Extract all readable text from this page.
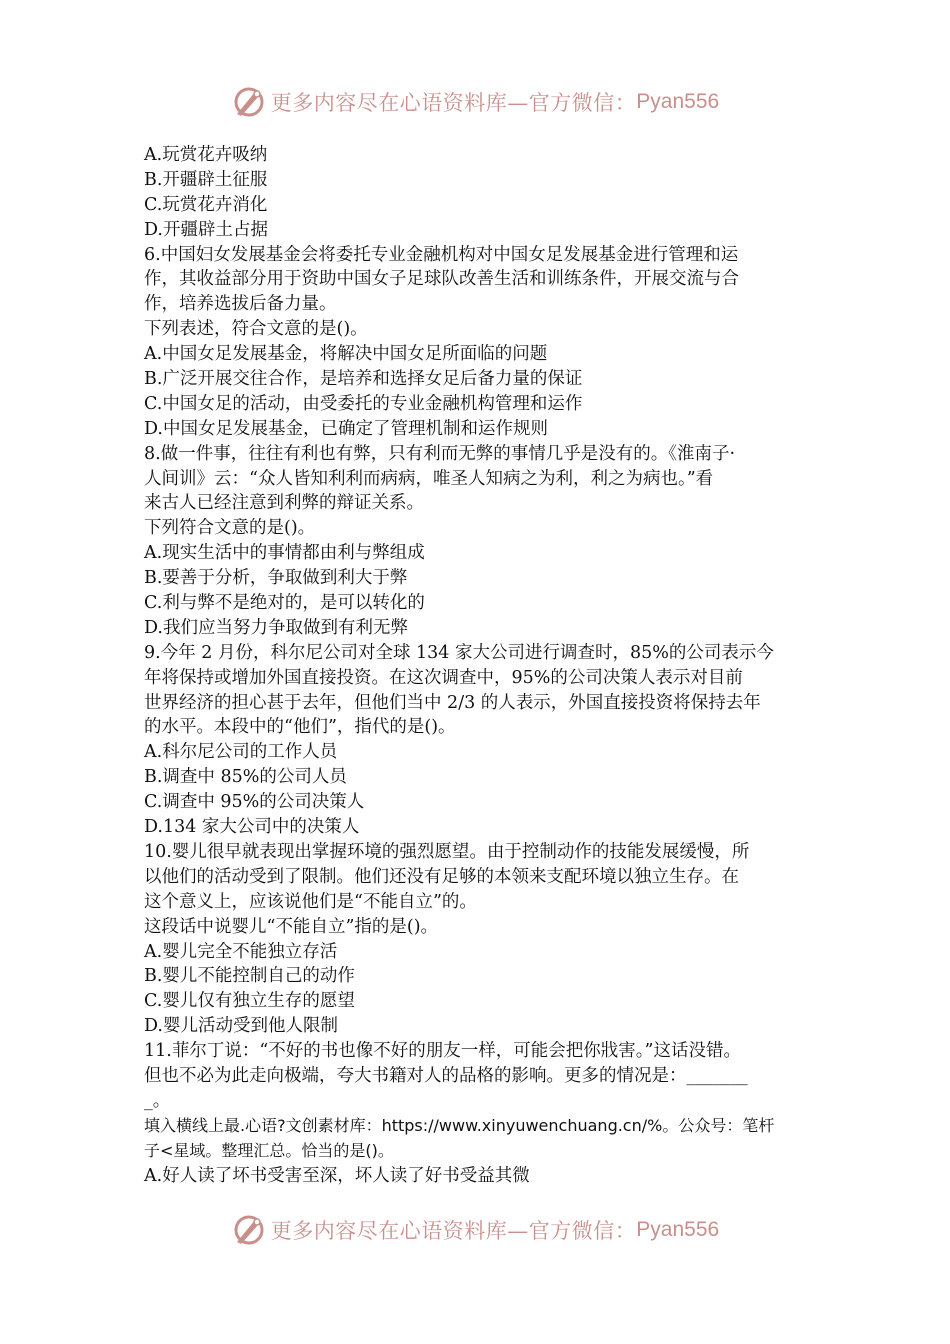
更多内容尽在心语资料库—官方微信： Pyan556
A.玩赏花卉吸纳
B.开疆辟土征服
C.玩赏花卉消化
D.开疆辟土占据
6.中国妇女发展基金会将委托专业金融机构对中国女足发展基金进行管理和运
作，其收益部分用于资助中国女子足球队改善生活和训练条件，开展交流与合
作，培养选拔后备力量。
下列表述，符合文意的是()。
A.中国女足发展基金，将解决中国女足所面临的问题
B.广泛开展交往合作，是培养和选择女足后备力量的保证
C.中国女足的活动，由受委托的专业金融机构管理和运作
D.中国女足发展基金，已确定了管理机制和运作规则
8.做一件事，往往有利也有弊，只有利而无弊的事情几乎是没有的。《淮南子·
人间训》云：“众人皆知利利而病病，唯圣人知病之为利，利之为病也。”看
来古人已经注意到利弊的辩证关系。
下列符合文意的是()。
A.现实生活中的事情都由利与弊组成
B.要善于分析，争取做到利大于弊
C.利与弊不是绝对的，是可以转化的
D.我们应当努力争取做到有利无弊
9.今年 2 月份，科尔尼公司对全球 134 家大公司进行调查时，85%的公司表示今
年将保持或增加外国直接投资。在这次调查中，95%的公司决策人表示对目前
世界经济的担心甚于去年，但他们当中 2/3 的人表示，外国直接投资将保持去年
的水平。本段中的“他们”，指代的是()。
A.科尔尼公司的工作人员
B.调查中 85%的公司人员
C.调查中 95%的公司决策人
D.134 家大公司中的决策人
10.婴儿很早就表现出掌握环境的强烈愿望。由于控制动作的技能发展缓慢，所
以他们的活动受到了限制。他们还没有足够的本领来支配环境以独立生存。在
这个意义上，应该说他们是“不能自立”的。
这段话中说婴儿“不能自立”指的是()。
A.婴儿完全不能独立存活
B.婴儿不能控制自己的动作
C.婴儿仅有独立生存的愿望
D.婴儿活动受到他人限制
11.菲尔丁说：“不好的书也像不好的朋友一样，可能会把你戕害。”这话没错。
但也不必为此走向极端，夸大书籍对人的品格的影响。更多的情况是：_______
_。
填入横线上最.心语?文创素材库：https://www.xinyuwenchuang.cn/%。公众号：笔杆
子<星域。整理汇总。恰当的是()。
A.好人读了坏书受害至深，坏人读了好书受益其微
更多内容尽在心语资料库—官方微信： Pyan556
